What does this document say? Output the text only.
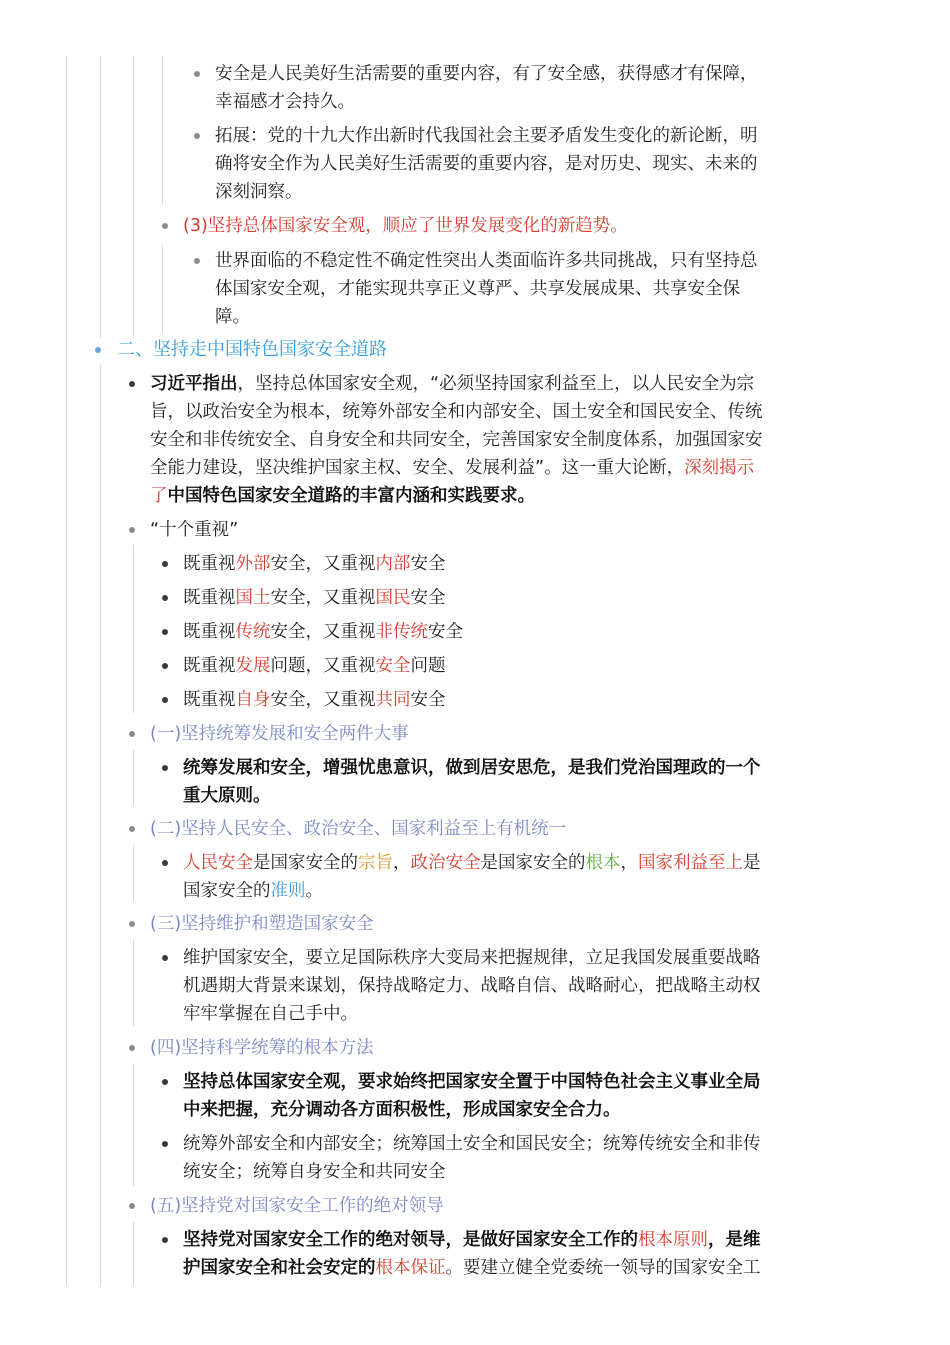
安全是人民美好生活需要的重要内容，有了安全感，获得感才有保障，
幸福感才会持久。
拓展：党的十九大作出新时代我国社会主要矛盾发生变化的新论断，明
确将安全作为人民美好生活需要的重要内容，是对历史、现实、未来的
深刻洞察。
(3)坚持总体国家安全观，顺应了世界发展变化的新趋势。
世界面临的不稳定性不确定性突出人类面临许多共同挑战，只有坚持总
体国家安全观，才能实现共享正义尊严、共享发展成果、共享安全保
障。
二、坚持走中国特色国家安全道路
习近平指出，坚持总体国家安全观，“必须坚持国家利益至上，以人民安全为宗
旨，以政治安全为根本，统筹外部安全和内部安全、国土安全和国民安全、传统
安全和非传统安全、自身安全和共同安全，完善国家安全制度体系，加强国家安
全能力建设，坚决维护国家主权、安全、发展利益”。这一重大论断，深刻揭示
了中国特色国家安全道路的丰富内涵和实践要求。
“十个重视”
既重视外部安全，又重视内部安全
既重视国土安全，又重视国民安全
既重视传统安全，又重视非传统安全
既重视发展问题，又重视安全问题
既重视自身安全，又重视共同安全
(一)坚持统筹发展和安全两件大事
统筹发展和安全，增强忧患意识，做到居安思危，是我们党治国理政的一个
重大原则。
(二)坚持人民安全、政治安全、国家利益至上有机统一
人民安全是国家安全的宗旨，政治安全是国家安全的根本，国家利益至上是
国家安全的准则。
(三)坚持维护和塑造国家安全
维护国家安全，要立足国际秩序大变局来把握规律，立足我国发展重要战略
机遇期大背景来谋划，保持战略定力、战略自信、战略耐心，把战略主动权
牢牢掌握在自己手中。
(四)坚持科学统筹的根本方法
坚持总体国家安全观，要求始终把国家安全置于中国特色社会主义事业全局
中来把握，充分调动各方面积极性，形成国家安全合力。
统筹外部安全和内部安全；统筹国土安全和国民安全；统筹传统安全和非传
统安全；统筹自身安全和共同安全
(五)坚持党对国家安全工作的绝对领导
坚持党对国家安全工作的绝对领导，是做好国家安全工作的根本原则，是维
护国家安全和社会安定的根本保证。要建立健全党委统一领导的国家安全工
